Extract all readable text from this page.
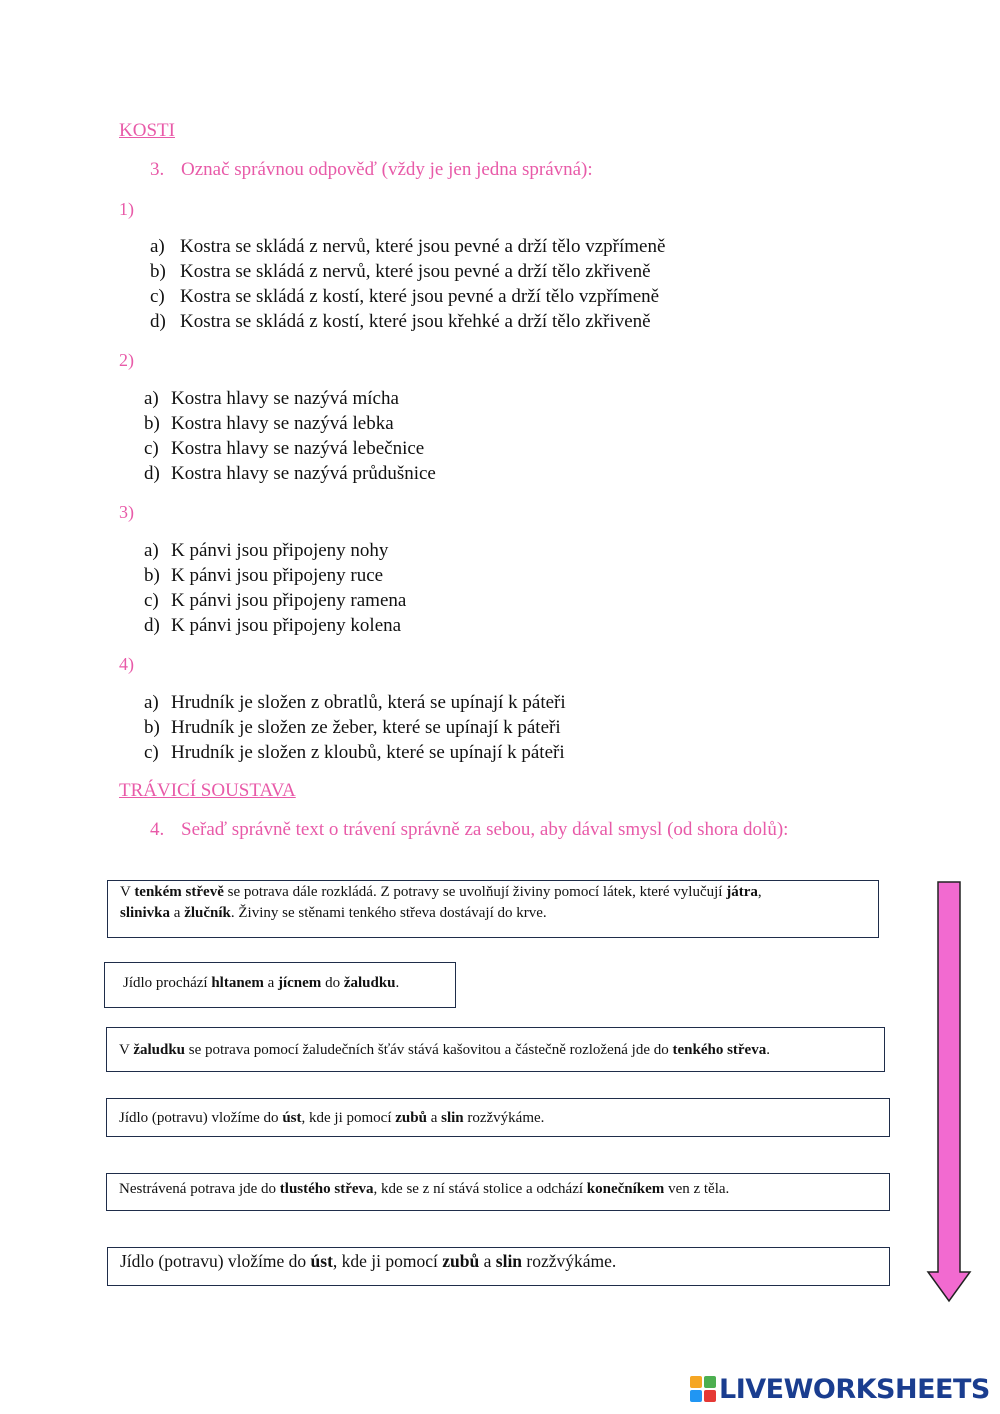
KOSTI
3. Označ správnou odpověď (vždy je jen jedna správná):
1)
a) Kostra se skládá z nervů, které jsou pevné a drží tělo vzpřímeně
b) Kostra se skládá z nervů, které jsou pevné a drží tělo zkřiveně
c) Kostra se skládá z kostí, které jsou pevné a drží tělo vzpřímeně
d) Kostra se skládá z kostí, které jsou křehké a drží tělo zkřiveně
2)
a) Kostra hlavy se nazývá mícha
b) Kostra hlavy se nazývá lebka
c) Kostra hlavy se nazývá lebečnice
d) Kostra hlavy se nazývá průdušnice
3)
a) K pánvi jsou připojeny nohy
b) K pánvi jsou připojeny ruce
c) K pánvi jsou připojeny ramena
d) K pánvi jsou připojeny kolena
4)
a) Hrudník je složen z obratlů, která se upínají k páteři
b) Hrudník je složen ze žeber, které se upínají k páteři
c) Hrudník je složen z kloubů, které se upínají k páteři
TRÁVICÍ SOUSTAVA
4. Seřaď správně text o trávení správně za sebou, aby dával smysl (od shora dolů):
V tenkém střevě se potrava dále rozkládá. Z potravy se uvolňují živiny pomocí látek, které vylučují játra,
slinivka a žlučník. Živiny se stěnami tenkého střeva dostávají do krve.
Jídlo prochází hltanem a jícnem do žaludku.
V žaludku se potrava pomocí žaludečních šťáv stává kašovitou a částečně rozložená jde do tenkého střeva.
Jídlo (potravu) vložíme do úst, kde ji pomocí zubů a slin rozžvýkáme.
Nestrávená potrava jde do tlustého střeva, kde se z ní stává stolice a odchází konečníkem ven z těla.
Jídlo (potravu) vložíme do úst, kde ji pomocí zubů a slin rozžvýkáme.
LIVEWORKSHEETS
